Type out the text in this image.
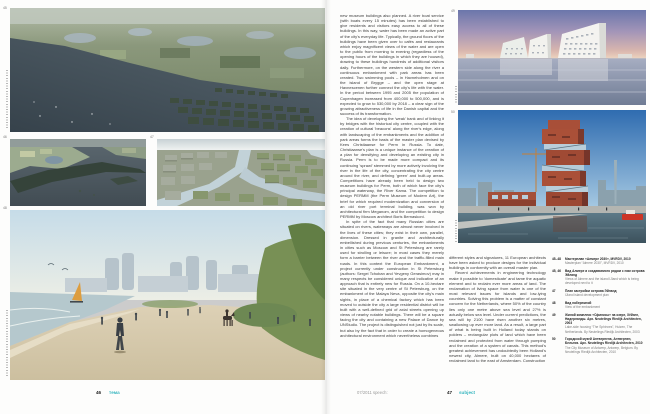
45
46	47
48
46 тема

new museum buildings also planned. A river boat service (with boats every 15 minutes) has been established to give residents and visitors easy access to all of these buildings. In this way, water has been made an active part of the city's everyday life. Typically, the ground floors of the buildings have been given over to cafés and restaurants which enjoy magnificent views of the water and are open to the public from morning to evening (regardless of the opening hours of the buildings in which they are housed), drawing to these buildings hundreds of additional visitors daily. Furthermore, on the western side along the river a continuous embankment with park areas has been created. Two swimming pools – in Havneholmen and on the island of Brygge – and the open stage at Havnescenen further connect the city's life with the water. In the period between 1995 and 2005 the population of Copenhagen increased from 400,000 to 500,000, and is expected to grow to 530,000 by 2018 – a clear sign of the growing attractiveness of life in the Danish capital and the success of its transformation.

The idea of developing the 'weak' bank and of linking it by bridges with the historical city centre, coupled with the creation of cultural 'beacons' along the river's edge, along with landscaping of the embankments and the addition of park areas forms the basis of the master plan devised by Kees Christiaanse for Perm in Russia. To date, Christiaanse's plan is a unique instance of the creation of a plan for densifying and developing an existing city in Russia. Perm is to be made more compact and its continuing 'sprawl' stemmed by more actively involving the river in the life of the city, concentrating the city centre around the river, and defining 'green' and built-up areas. Competitions have already been held to design two museum buildings for Perm, both of which face the city's principal waterway, the River Kama. The competition to design PERMM (the Perm Museum of Modern Art), the brief for which required modernization and conversion of an old river port terminal building, was won by architectural firm Meganom, and the competition to design PERMM by Moscow architect Boris Bernaskoni.

In spite of the fact that many Russian cities are situated on rivers, waterways are almost never involved in the lives of these cities; they exist in their own, parallel, dimension. Dressed in granite and architecturally embellished during previous centuries, the embankments in cities such as Moscow and St Petersburg are rarely used for strolling or leisure; in most cases they merely form a barrier between the river and the traffic-filled main roads. In this context the European Embankment, a project currently under construction in St Petersburg (authors: Sergei Tchoban and Yevgeny Gerasimov) may in many respects be considered unique and indicative of an approach that is entirely new for Russia. On a 10-hectare site situated in the very centre of St Petersburg, on the embankment of the Malaya Neva, opposite the city's main sights, in place of a chemical factory which has been moved to outside the city a large residential district will be built with a well-defined grid of axial streets opening up views of nearby notable buildings. There will be a square facing the city and containing a new Palace of Dance by UNStudio. The project is distinguished not just by its scale, but also by the fact that in order to create a homogeneous architectural environment which nevertheless combines

49
50

different styles and signatures, 11 European architects have been asked to produce designs for the individual buildings in conformity with an overall master plan.

Recent achievements in engineering technology make it possible to 'domesticate' and tame the aquatic element and to reclaim ever more areas of land. The reclamation of living space from water is one of the most relevant issues for islands and low-lying countries. Solving this problem is a matter of constant concern for the Netherlands, where 50% of the country lies only one metre above sea level and 27% is actually below sea level. Under current predictions, the sea will by 2100 have risen another six metres, swallowing up ever more land. As a result, a large part of what is being built in Holland today stands on polders – rectangular plots of land which have been reclaimed and protected from water through pumping and the creation of a system of canals. This method's greatest achievement has undoubtedly been Holland's newest city, Almere, built on 40,000 hectares of reclaimed land to the east of Amsterdam. Construction

45–48 Мастерплан «Алмере 2030», MVRDV, 2010
Masterplan “Almere 2030”, MVRDV, 2010
45, 46 Вид Алмере и создаваемого рядом с ним острова Эйланд
Views of Almere and the island IJland which is being developed next to it
47	План застройки острова Эйланд
IJland island development plan
48	Вид набережной
View of the embankment
49	Жилой комплекс «Сфинксы» на озере, Хёйзен, Нидерланды. Арх. Neutelings Riedijk Architecten, 2003
Lake-side housing “The Sphinxes”, Huizen, The Netherlands. By Neutelings Riedijk Architecten, 2003
50	Городской музей Антверпена, Антверпен, Бельгия. Арх. Neutelings Riedijk Architecten, 2010
The City Museum of Antwerp, Antwerp, Belgium. By Neutelings Riedijk Architecten, 2010
07/2011 speech:	47 subject
